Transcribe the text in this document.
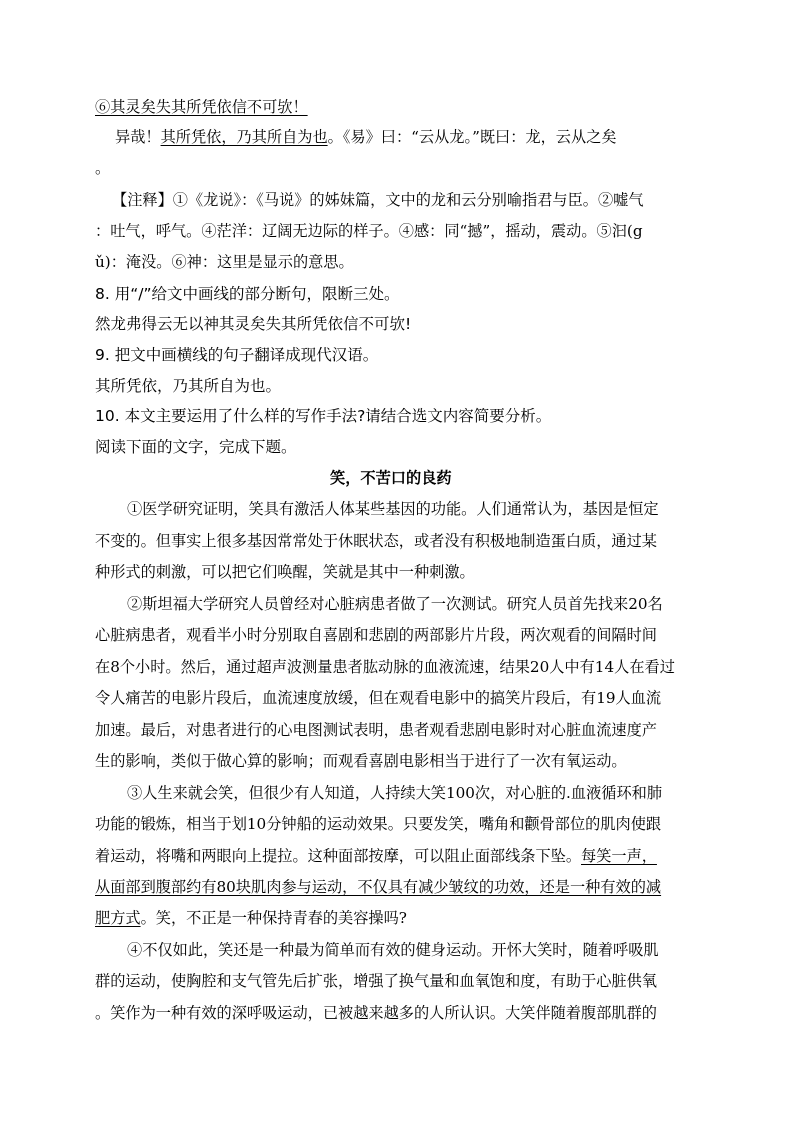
⑥其灵矣失其所凭依信不可欤！
异哉！其所凭依，乃其所自为也。《易》曰：“云从龙。”既曰：龙，云从之矣
。
【注释】①《龙说》：《马说》的姊妹篇，文中的龙和云分别喻指君与臣。②嘘气
：吐气，呼气。④茫洋：辽阔无边际的样子。④感：同“撼”，摇动，震动。⑤汩(g
ǔ)：淹没。⑥神：这里是显示的意思。
8. 用“/”给文中画线的部分断句，限断三处。
然龙弗得云无以神其灵矣失其所凭依信不可欤!
9. 把文中画横线的句子翻译成现代汉语。
其所凭依，乃其所自为也。
10. 本文主要运用了什么样的写作手法?请结合选文内容简要分析。
阅读下面的文字，完成下题。
笑，不苦口的良药
①医学研究证明，笑具有激活人体某些基因的功能。人们通常认为，基因是恒定
不变的。但事实上很多基因常常处于休眠状态，或者没有积极地制造蛋白质，通过某
种形式的刺激，可以把它们唤醒，笑就是其中一种刺激。
②斯坦福大学研究人员曾经对心脏病患者做了一次测试。研究人员首先找来20名
心脏病患者，观看半小时分别取自喜剧和悲剧的两部影片片段，两次观看的间隔时间
在8个小时。然后，通过超声波测量患者肱动脉的血液流速，结果20人中有14人在看过
令人痛苦的电影片段后，血流速度放缓，但在观看电影中的搞笑片段后，有19人血流
加速。最后，对患者进行的心电图测试表明，患者观看悲剧电影时对心脏血流速度产
生的影响，类似于做心算的影响；而观看喜剧电影相当于进行了一次有氧运动。
③人生来就会笑，但很少有人知道，人持续大笑100次，对心脏的.血液循环和肺
功能的锻炼，相当于划10分钟船的运动效果。只要发笑，嘴角和颧骨部位的肌肉使跟
着运动，将嘴和两眼向上提拉。这种面部按摩，可以阻止面部线条下坠。每笑一声，
从面部到腹部约有80块肌肉参与运动，不仅具有减少皱纹的功效，还是一种有效的减
肥方式。笑，不正是一种保持青春的美容操吗?
④不仅如此，笑还是一种最为简单而有效的健身运动。开怀大笑时，随着呼吸肌
群的运动，使胸腔和支气管先后扩张，增强了换气量和血氧饱和度，有助于心脏供氧
。笑作为一种有效的深呼吸运动，已被越来越多的人所认识。大笑伴随着腹部肌群的
